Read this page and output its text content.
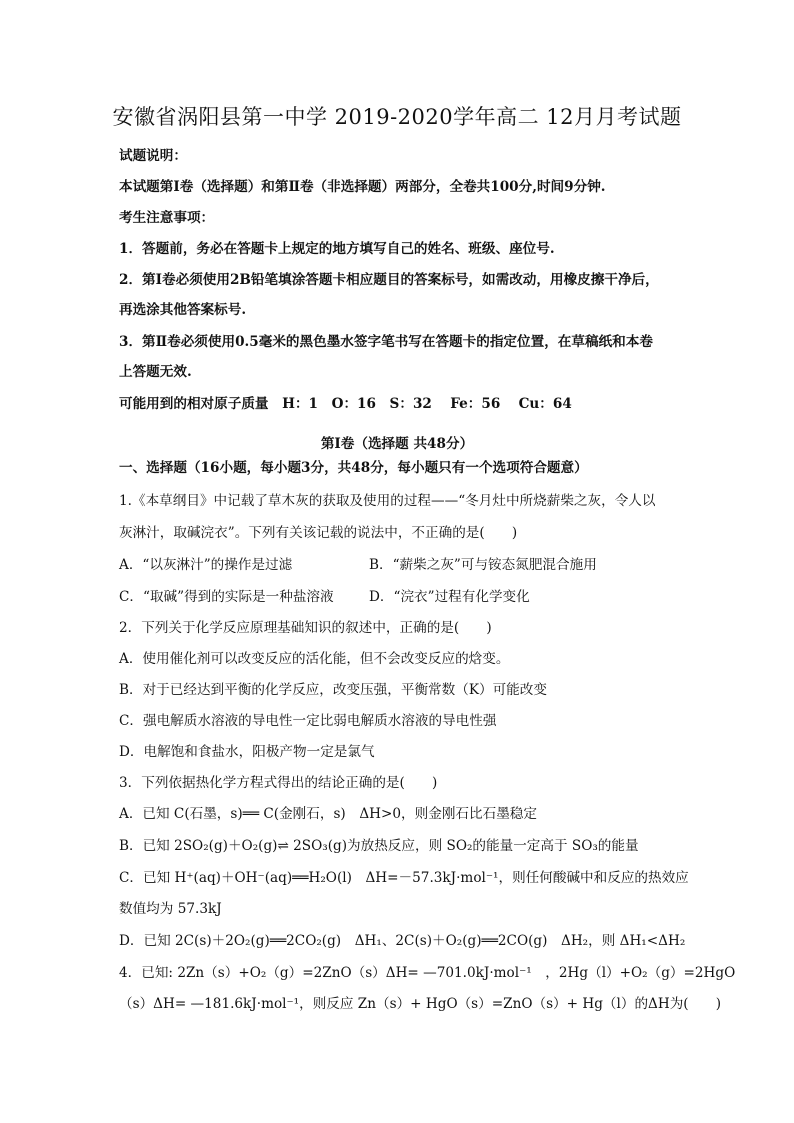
安徽省涡阳县第一中学 2019-2020学年高二 12月月考试题
试题说明：
本试题第Ⅰ卷（选择题）和第Ⅱ卷（非选择题）两部分，全卷共100分,时间9分钟.
考生注意事项：
1．答题前，务必在答题卡上规定的地方填写自己的姓名、班级、座位号.
2．第Ⅰ卷必须使用2B铅笔填涂答题卡相应题目的答案标号，如需改动，用橡皮擦干净后，
再选涂其他答案标号.
3．第Ⅱ卷必须使用0.5毫米的黑色墨水签字笔书写在答题卡的指定位置，在草稿纸和本卷
上答题无效.
可能用到的相对原子质量　H：1　O：16　S：32　 Fe：56　 Cu：64
第Ⅰ卷（选择题 共48分）
一、选择题（16小题，每小题3分，共48分，每小题只有一个选项符合题意）
1.《本草纲目》中记载了草木灰的获取及使用的过程——“冬月灶中所烧薪柴之灰，令人以
灰淋汁，取碱浣衣”。下列有关该记载的说法中，不正确的是(　　)
A．“以灰淋汁”的操作是过滤	B．“薪柴之灰”可与铵态氮肥混合施用
C．“取碱”得到的实际是一种盐溶液	D．“浣衣”过程有化学变化
2．下列关于化学反应原理基础知识的叙述中，正确的是(　　)
A．使用催化剂可以改变反应的活化能，但不会改变反应的焓变。
B．对于已经达到平衡的化学反应，改变压强，平衡常数（K）可能改变
C．强电解质水溶液的导电性一定比弱电解质水溶液的导电性强
D．电解饱和食盐水，阳极产物一定是氯气
3．下列依据热化学方程式得出的结论正确的是(　　)
A．已知 C(石墨，s)══ C(金刚石，s)　ΔH>0，则金刚石比石墨稳定
B．已知 2SO₂(g)＋O₂(g)⇌ 2SO₃(g)为放热反应，则 SO₂的能量一定高于 SO₃的能量
C．已知 H⁺(aq)＋OH⁻(aq)══H₂O(l)　ΔH=－57.3kJ·mol⁻¹，则任何酸碱中和反应的热效应
数值均为 57.3kJ
D．已知 2C(s)＋2O₂(g)══2CO₂(g)　ΔH₁、2C(s)＋O₂(g)══2CO(g)　ΔH₂，则 ΔH₁<ΔH₂
4．已知: 2Zn（s）+O₂（g）=2ZnO（s）ΔH= —701.0kJ·mol⁻¹　，2Hg（l）+O₂（g）=2HgO
（s）ΔH= —181.6kJ·mol⁻¹，则反应 Zn（s）+ HgO（s）=ZnO（s）+ Hg（l）的ΔH为(　　)
